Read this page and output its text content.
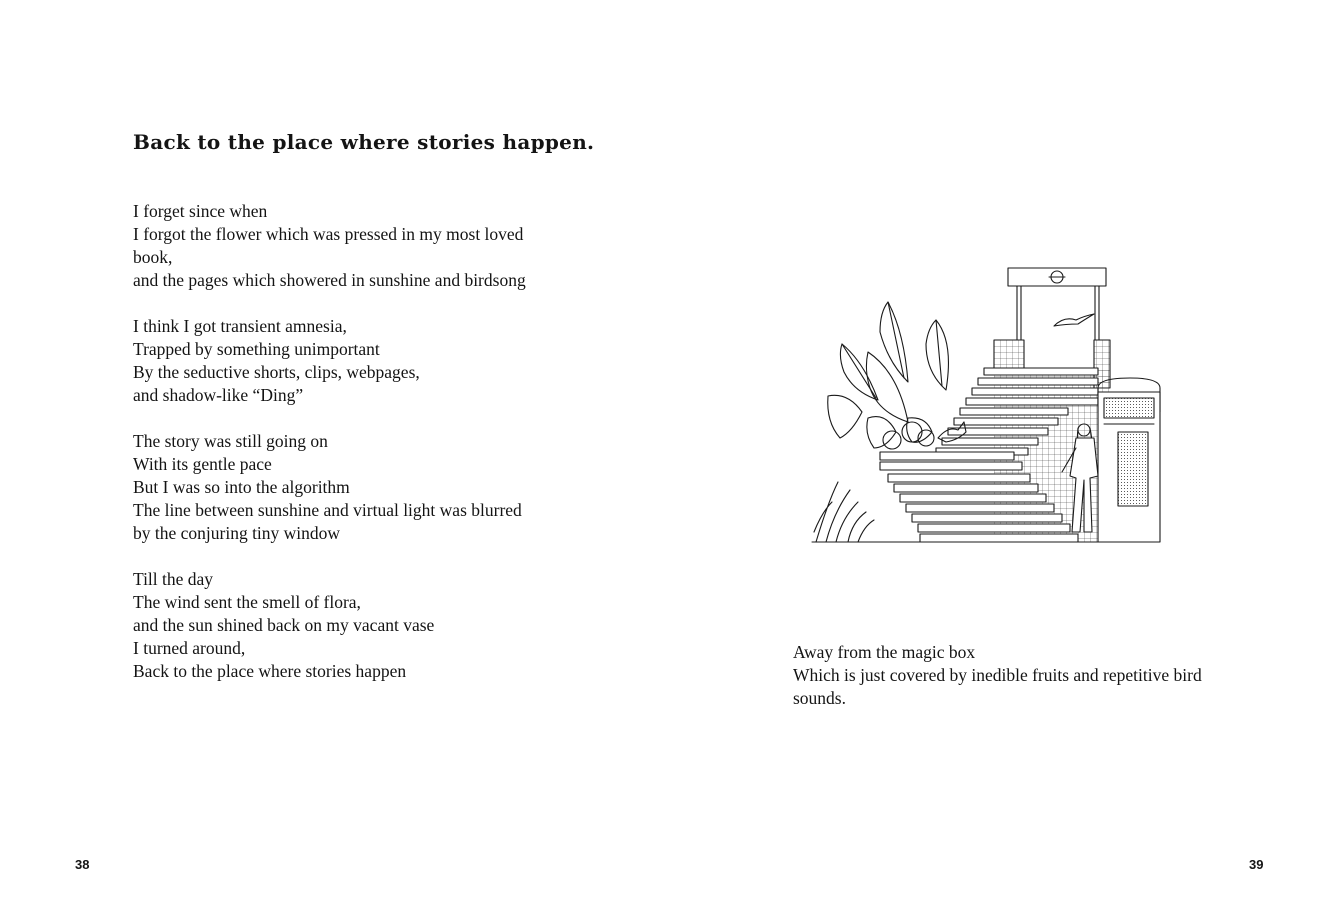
Back to the place where stories happen.

I forget since when
I forgot the flower which was pressed in my most loved book,
and the pages which showered in sunshine and birdsong

I think I got transient amnesia,
Trapped by something unimportant
By the seductive shorts, clips, webpages,
and shadow-like “Ding”

The story was still going on
With its gentle pace
But I was so into the algorithm
The line between sunshine and virtual light was blurred
by the conjuring tiny window

Till the day
The wind sent the smell of flora,
and the sun shined back on my vacant vase
I turned around,
Back to the place where stories happen

38
Away from the magic box
Which is just covered by inedible fruits and repetitive bird sounds.
39
